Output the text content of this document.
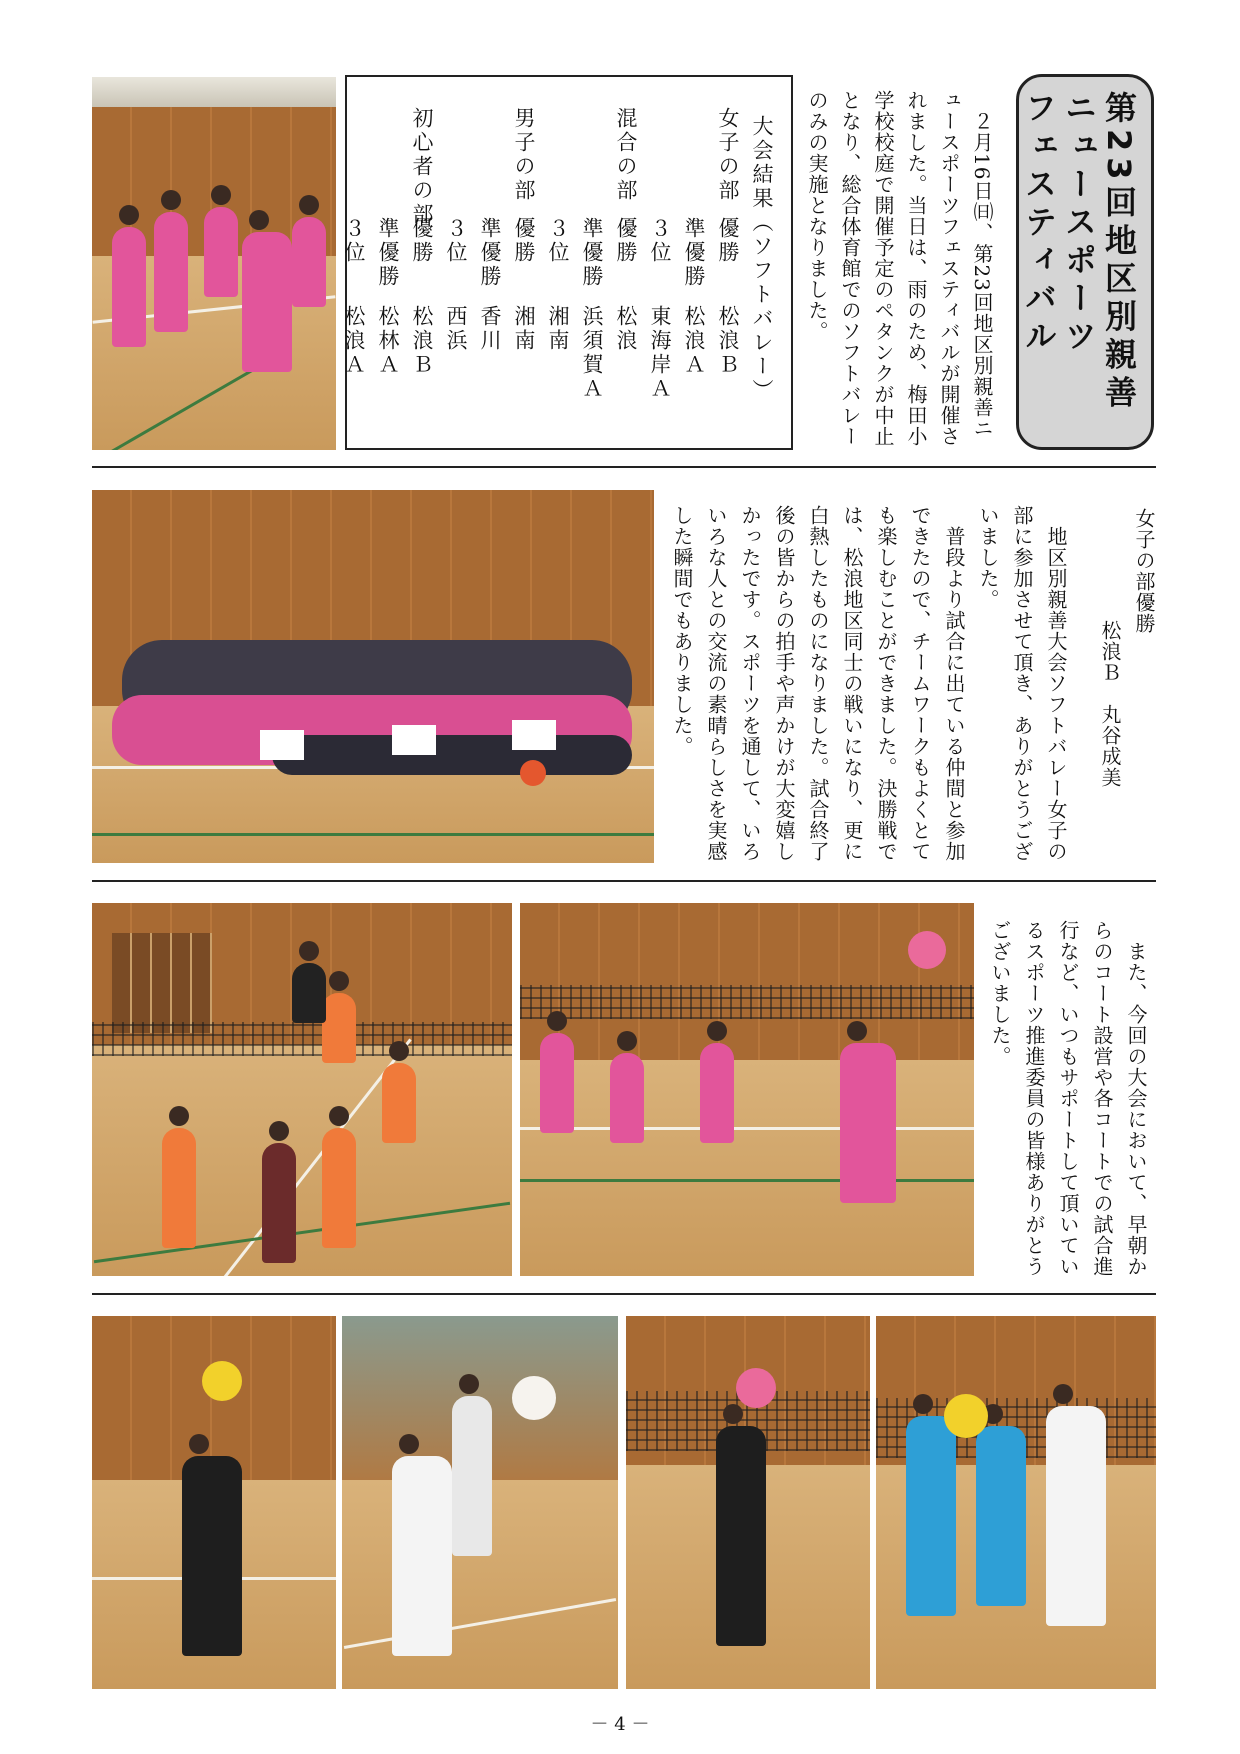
第23回地区別親善
ニュースポーツ
フェスティバル
　２月16日㈰、第23回地区別親善ニ
ュースポーツフェスティバルが開催さ
れました。当日は、雨のため、梅田小
学校校庭で開催予定のペタンクが中止
となり、総合体育館でのソフトバレー
のみの実施となりました。
大会結果（ソフトバレー）
女子の部
優勝
松浪Ｂ
準優勝
松浪Ａ
３位
東海岸Ａ
混合の部
優勝
松浪
準優勝
浜須賀Ａ
３位
湘南
男子の部
優勝
湘南
準優勝
香川
３位
西浜
初心者の部
優勝
松浪Ｂ
準優勝
松林Ａ
３位
松浪Ａ
　地区別親善大会ソフトバレー女子の
部に参加させて頂き、ありがとうござ
いました。
　普段より試合に出ている仲間と参加
できたので、チームワークもよくとて
も楽しむことができました。決勝戦で
は、松浪地区同士の戦いになり、更に
白熱したものになりました。試合終了
後の皆からの拍手や声かけが大変嬉し
かったです。スポーツを通して、いろ
いろな人との交流の素晴らしさを実感
した瞬間でもありました。	女子の部優勝
松浪Ｂ　丸谷成美
　また、今回の大会において、早朝か
らのコート設営や各コートでの試合進
行など、いつもサポートして頂いてい
るスポーツ推進委員の皆様ありがとう
ございました。
－ 4 －
